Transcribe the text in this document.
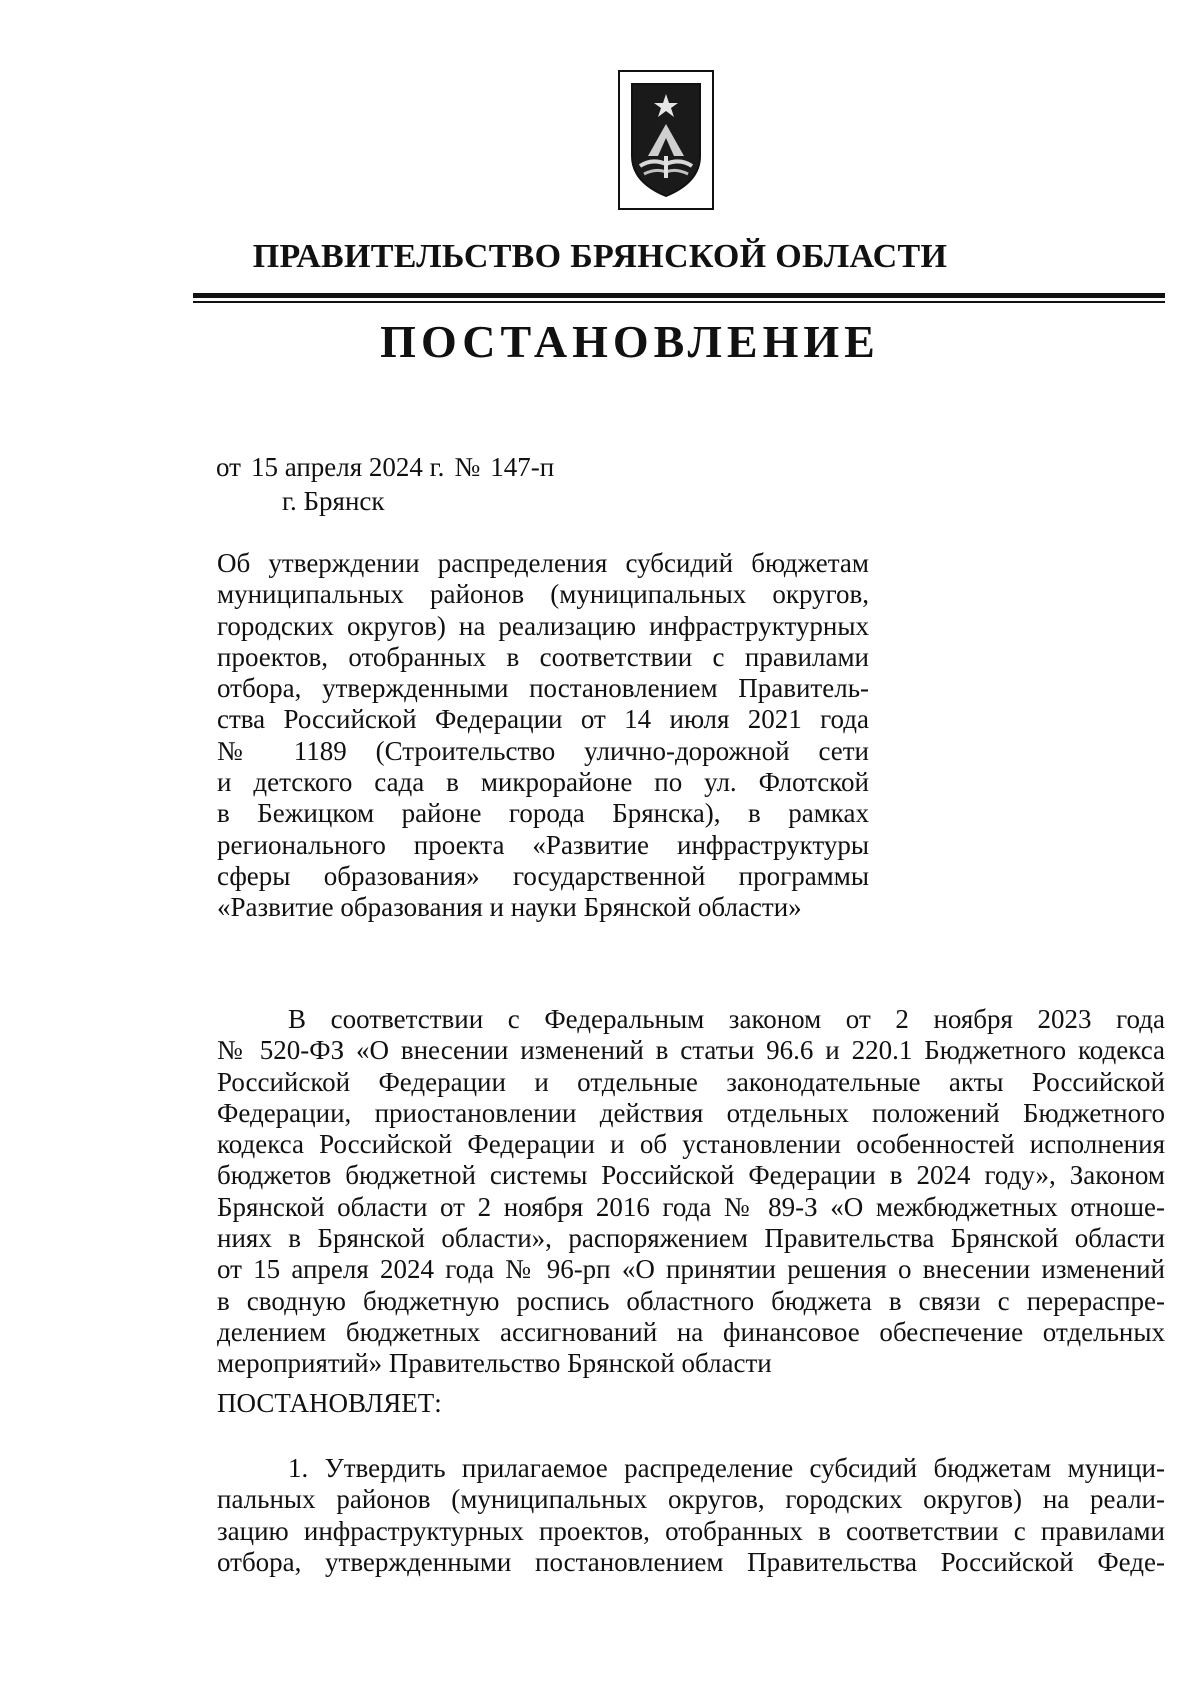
ПРАВИТЕЛЬСТВО БРЯНСКОЙ ОБЛАСТИ
ПОСТАНОВЛЕНИЕ
от 15 апреля 2024 г. № 147-п
г. Брянск
Об утверждении распределения субсидий бюджетам
муниципальных районов (муниципальных округов,
городских округов) на реализацию инфраструктурных
проектов, отобранных в соответствии с правилами
отбора, утвержденными постановлением Правитель-
ства Российской Федерации от 14 июля 2021 года
№ 1189 (Строительство улично-дорожной сети
и детского сада в микрорайоне по ул. Флотской
в Бежицком районе города Брянска), в рамках
регионального проекта «Развитие инфраструктуры
сферы образования» государственной программы
«Развитие образования и науки Брянской области»
В соответствии с Федеральным законом от 2 ноября 2023 года
№ 520-ФЗ «О внесении изменений в статьи 96.6 и 220.1 Бюджетного кодекса
Российской Федерации и отдельные законодательные акты Российской
Федерации, приостановлении действия отдельных положений Бюджетного
кодекса Российской Федерации и об установлении особенностей исполнения
бюджетов бюджетной системы Российской Федерации в 2024 году», Законом
Брянской области от 2 ноября 2016 года № 89-З «О межбюджетных отноше-
ниях в Брянской области», распоряжением Правительства Брянской области
от 15 апреля 2024 года № 96-рп «О принятии решения о внесении изменений
в сводную бюджетную роспись областного бюджета в связи с перераспре-
делением бюджетных ассигнований на финансовое обеспечение отдельных
мероприятий» Правительство Брянской области
ПОСТАНОВЛЯЕТ:
1. Утвердить прилагаемое распределение субсидий бюджетам муници-
пальных районов (муниципальных округов, городских округов) на реали-
зацию инфраструктурных проектов, отобранных в соответствии с правилами
отбора, утвержденными постановлением Правительства Российской Феде-
